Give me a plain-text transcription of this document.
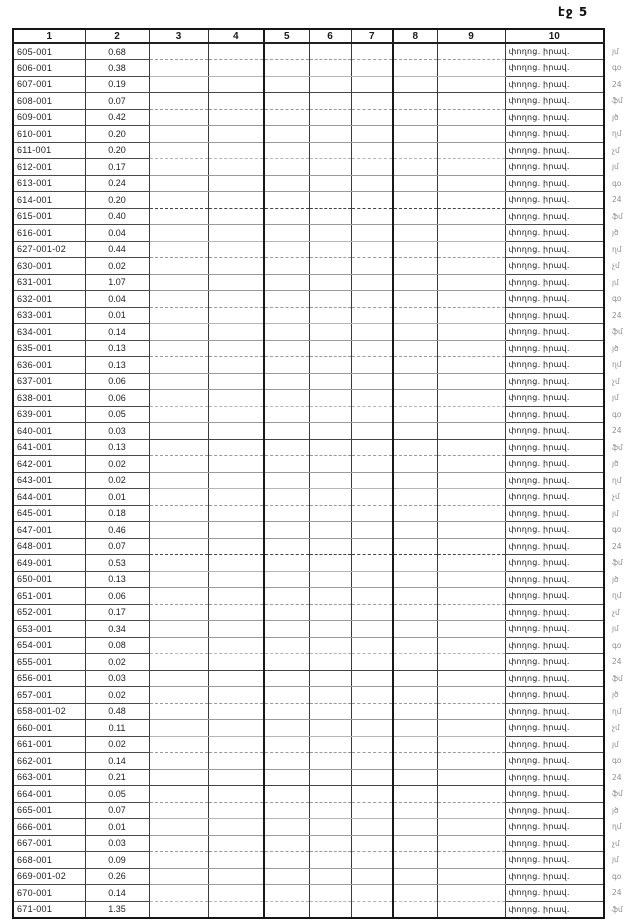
էջ 5
1	2	3	4	5	6	7	8	9	10	
605-001	0.68								փողոց. իրավ.	յմ
606-001	0.38								փողոց. իրավ.	գօ
607-001	0.19								փողոց. իրավ.	24
608-001	0.07								փողոց. իրավ.	ֆմ
609-001	0.42								փողոց. իրավ.	յծ
610-001	0.20								փողոց. իրավ.	ղմ
611-001	0.20								փողոց. իրավ.	չմ
612-001	0.17								փողոց. իրավ.	յմ
613-001	0.24								փողոց. իրավ.	գօ
614-001	0.20								փողոց. իրավ.	24
615-001	0.40								փողոց. իրավ.	ֆմ
616-001	0.04								փողոց. իրավ.	յծ
627-001-02	0.44								փողոց. իրավ.	ղմ
630-001	0.02								փողոց. իրավ.	չմ
631-001	1.07								փողոց. իրավ.	յմ
632-001	0.04								փողոց. իրավ.	գօ
633-001	0.01								փողոց. իրավ.	24
634-001	0.14								փողոց. իրավ.	ֆմ
635-001	0.13								փողոց. իրավ.	յծ
636-001	0.13								փողոց. իրավ.	ղմ
637-001	0.06								փողոց. իրավ.	չմ
638-001	0.06								փողոց. իրավ.	յմ
639-001	0.05								փողոց. իրավ.	գօ
640-001	0.03								փողոց. իրավ.	24
641-001	0.13								փողոց. իրավ.	ֆմ
642-001	0.02								փողոց. իրավ.	յծ
643-001	0.02								փողոց. իրավ.	ղմ
644-001	0.01								փողոց. իրավ.	չմ
645-001	0.18								փողոց. իրավ.	յմ
647-001	0.46								փողոց. իրավ.	գօ
648-001	0.07								փողոց. իրավ.	24
649-001	0.53								փողոց. իրավ.	ֆմ
650-001	0.13								փողոց. իրավ.	յծ
651-001	0.06								փողոց. իրավ.	ղմ
652-001	0.17								փողոց. իրավ.	չմ
653-001	0.34								փողոց. իրավ.	յմ
654-001	0.08								փողոց. իրավ.	գօ
655-001	0.02								փողոց. իրավ.	24
656-001	0.03								փողոց. իրավ.	ֆմ
657-001	0.02								փողոց. իրավ.	յծ
658-001-02	0.48								փողոց. իրավ.	ղմ
660-001	0.11								փողոց. իրավ.	չմ
661-001	0.02								փողոց. իրավ.	յմ
662-001	0.14								փողոց. իրավ.	գօ
663-001	0.21								փողոց. իրավ.	24
664-001	0.05								փողոց. իրավ.	ֆմ
665-001	0.07								փողոց. իրավ.	յծ
666-001	0.01								փողոց. իրավ.	ղմ
667-001	0.03								փողոց. իրավ.	չմ
668-001	0.09								փողոց. իրավ.	յմ
669-001-02	0.26								փողոց. իրավ.	գօ
670-001	0.14								փողոց. իրավ.	24
671-001	1.35								փողոց. իրավ.	ֆմ
